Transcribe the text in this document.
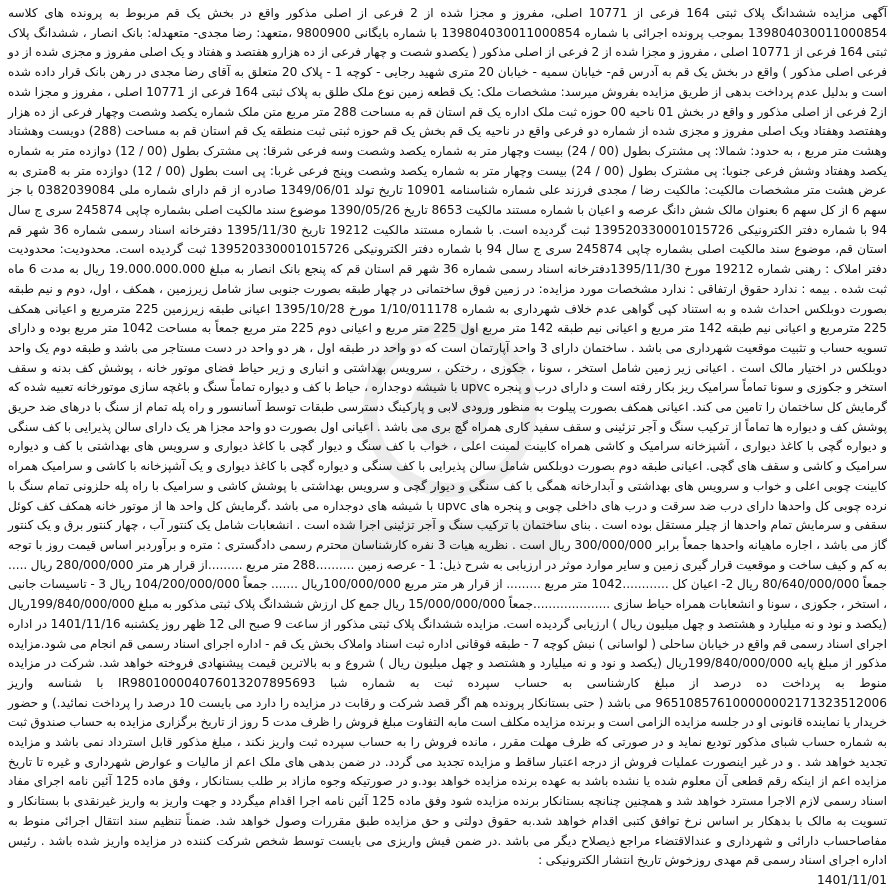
آگهی مزایده ششدانگ پلاک ثبتی 164 فرعی از 10771 اصلی، مفروز و مجزا شده از 2 فرعی از اصلی مذکور واقع در بخش یک قم مربوط به پرونده های کلاسه 139804030011000854 بموجب پرونده اجرائی با شماره 139804030011000854 با شماره بایگانی 9800900 ،متعهد: رضا مجدی- متعهدله: بانک انصار ، ششدانگ پلاک ثبتی 164 فرعی از 10771 اصلی ، مفروز و مجزا شده از 2 فرعی از اصلی مذکور ( یکصدو شصت و چهار فرعی از ده هزارو هفتصد و هفتاد و یک اصلی مفروز و مجزی شده از دو فرعی اصلی مذکور ) واقع در بخش یک قم به آدرس قم- خیابان سمیه - خیابان 20 متری شهید رجایی - کوچه 1 - پلاک 20 متعلق به آقای رضا مجدی در رهن بانک قرار داده شده است و بدلیل عدم پرداخت بدهی از طریق مزایده بفروش میرسد: مشخصات ملک: یک قطعه زمین نوع ملک طلق به پلاک ثبتی 164 فرعی از 10771 اصلی ، مفروز و مجزا شده از2 فرعی از اصلی مذکور و واقع در بخش 01 ناحیه 00 حوزه ثبت ملک اداره یک قم استان قم به مساحت 288 متر مربع متن ملک شماره یکصد وشصت وچهار فرعی از ده هزار وهفتصد وهفتاد ویک اصلی مفروز و مجزی شده از شماره دو فرعی واقع در ناحیه یک قم بخش یک قم حوزه ثبتی ثبت منطقه یک قم استان قم به مساحت (288) دویست وهشتاد وهشت متر مربع ، به حدود: شمالا: پی مشترک بطول (00 / 24) بیست وچهار متر به شماره یکصد وشصت وسه فرعی شرقا: پی مشترک بطول (00 / 12) دوازده متر به شماره یکصد وهفتاد وشش فرعی جنوبا: پی مشترک بطول (00 / 24) بیست وچهار متر به شماره یکصد وشصت وپنج فرعی غربا: پی است بطول (00 / 12) دوازده متر به 8متری به عرض هشت متر مشخصات مالکیت: مالکیت رضا / مجدی فرزند علی شماره شناسنامه 10901 تاریخ تولد 1349/06/01 صادره از قم دارای شماره ملی 0382039084 با جز سهم 6 از کل سهم 6 بعنوان مالک شش دانگ عرصه و اعیان با شماره مستند مالکیت 8653 تاریخ 1390/05/26 موضوع سند مالکیت اصلی بشماره چاپی 245874 سری ج سال 94 با شماره دفتر الکترونیکی 139520330001015726 ثبت گردیده است. با شماره مستند مالکیت 19212 تاریخ 1395/11/30 دفترخانه اسناد رسمی شماره 36 شهر قم استان قم، موضوع سند مالکیت اصلی بشماره چاپی 245874 سری ج سال 94 با شماره دفتر الکترونیکی 139520330001015726 ثبت گردیده است. محدودیت: محدودیت دفتر املاک : رهنی شماره 19212 مورخ 1395/11/30دفترخانه اسناد رسمی شماره 36 شهر قم استان قم که پنجع بانک انصار به مبلغ 19.000.000.000 ریال به مدت 6 ماه ثبت شده . بیمه : ندارد حقوق ارتفاقی : ندارد مشخصات مورد مزایده: در زمین فوق ساختمانی در چهار طبقه بصورت جنوبی ساز شامل زیرزمین ، همکف ، اول، دوم و نیم طبقه بصورت دوبلکس احداث شده و به استناد کپی گواهی عدم خلاف شهرداری به شماره 1/10/011178 مورخ 1395/10/28 اعیانی طبقه زیرزمین 225 مترمربع و اعیانی همکف 225 مترمربع و اعیانی نیم طبقه 142 متر مربع و اعیانی نیم طبقه 142 متر مربع اول 225 متر مربع و اعیانی دوم 225 متر مربع جمعاً به مساحت 1042 متر مربع بوده و دارای تسویه حساب و تثبیت موقعیت شهرداری می باشد . ساختمان دارای 3 واحد آپارتمان است که دو واحد در طبقه اول ، هر دو واحد در دست مستاجر می باشد و طبقه دوم یک واحد دوبلکس در اختیار مالک است . اعیانی زیر زمین شامل استخر ، سونا ، جکوزی ، رختکن ، سرویس بهداشتی و انباری و زیر حیاط فضای موتور خانه ، پوشش کف بدنه و سقف استخر و جکوزی و سونا تماماً سرامیک ریز بکار رفته است و دارای درب و پنجره upvc با شیشه دوجداره ، حیاط با کف و دیواره تماماً سنگ و باغچه سازی موتورخانه تعبیه شده که گرمایش کل ساختمان را تامین می کند. اعیانی همکف بصورت پیلوت به منظور ورودی لابی و پارکینگ دسترسی طبقات توسط آسانسور و راه پله تمام از سنگ با درهای ضد حریق پوشش کف و دیواره ها تماماً از ترکیب سنگ و آجر تزئینی و سقف سفید کاری همراه گچ بری می باشد . اعیانی اول بصورت دو واحد مجزا هر یک دارای سالن پذیرایی با کف سنگی و دیواره گچی با کاغذ دیواری ، آشپزخانه سرامیک و کاشی همراه کابینت لمینت اعلی ، خواب با کف سنگ و دیوار گچی با کاغذ دیواری و سرویس های بهداشتی با کف و دیواره سرامیک و کاشی و سقف های گچی. اعیانی طبقه دوم بصورت دوبلکس شامل سالن پذیرایی با کف سنگی و دیواره گچی با کاغذ دیواری و یک آشپزخانه با کاشی و سرامیک همراه کابینت چوبی اعلی و خواب و سرویس های بهداشتی و آبدارخانه همگی با کف سنگی و دیوار گچی و سرویس بهداشتی با پوشش کاشی و سرامیک با راه پله حلزونی تمام سنگ با نرده چوبی کل واحدها دارای درب ضد سرقت و درب های داخلی چوبی و پنجره های upvc با شیشه های دوجداره می باشد .گرمایش کل واحد ها از موتور خانه همکف کف کوئل سقفی و سرمایش تمام واحدها از چیلر مستقل بوده است . بنای ساختمان با ترکیب سنگ و آجر تزئینی اجرا شده است . انشعابات شامل یک کنتور آب ، چهار کنتور برق و یک کنتور گاز می باشد ، اجاره ماهیانه واحدها جمعاً برابر 300/000/000 ریال است . نظریه هیات 3 نفره کارشناسان محترم رسمی دادگستری : متره و برآوردبر اساس قیمت روز با توجه به کم و کیف ساخت و موقعیت قرار گیری زمین و سایر موارد موثر در ارزیابی به شرح ذیل: 1 - عرصه زمین ..........288 متر مربع .........از قرار هر متر 280/000/000 ریال ..... جمعاً 80/640/000/000 ریال 2- اعیان کل ............1042 متر مربع ......... از قرار هر متر مربع 100/000/000ریال ....... جمعاً 104/200/000/000 ریال 3 - تاسیسات جانبی ، استخر ، جکوزی ، سونا و انشعابات همراه حیاط سازی ....................جمعاً 15/000/000/000 ریال جمع کل ارزش ششدانگ پلاک ثبتی مذکور به مبلغ 199/840/000/000ریال (یکصد و نود و نه میلیارد و هشتصد و چهل میلیون ریال ) ارزیابی گردیده است. مزایده ششدانگ پلاک ثبتی مذکور از ساعت 9 صبح الی 12 ظهر روز یکشنبه 1401/11/16 در اداره اجرای اسناد رسمی قم واقع در خیابان ساحلی ( لواسانی ) نبش کوچه 7 - طبقه فوقانی اداره ثبت اسناد واملاک بخش یک قم - اداره اجرای اسناد رسمی قم انجام می شود.مزایده مذکور از مبلغ پایه 199/840/000/000ریال (یکصد و نود و نه میلیارد و هشتصد و چهل میلیون ریال ) شروع و به بالاترین قیمت پیشنهادی فروخته خواهد شد. شرکت در مزایده منوط به پرداخت ده درصد از مبلغ کارشناسی به حساب سپرده ثبت به شماره شبا IR980100004076013207895693 با شناسه واریز 965108576100000002171323512006 می باشد ( حتی بستانکار پرونده هم اگر قصد شرکت و رقابت در مزایده را دارد می بایست 10 درصد را پرداخت نمائید.) و حضور خریدار یا نماینده قانونی او در جلسه مزایده الزامی است و برنده مزایده مکلف است مابه التفاوت مبلغ فروش را ظرف مدت 5 روز از تاریخ برگزاری مزایده به حساب صندوق ثبت به شماره حساب شبای مذکور تودیع نماید و در صورتی که ظرف مهلت مقرر ، مانده فروش را به حساب سپرده ثبت واریز نکند ، مبلغ مذکور قابل استرداد نمی باشد و مزایده تجدید خواهد شد . و در غیر اینصورت عملیات فروش از درجه اعتبار ساقط و مزایده تجدید می گردد. در ضمن بدهی های ملک اعم از مالیات و عوارض شهرداری و غیره تا تاریخ مزایده اعم از اینکه رقم قطعی آن معلوم شده یا نشده باشد به عهده برنده مزایده خواهد بود.و در صورتیکه وجوه مازاد بر طلب بستانکار ، وفق ماده 125 آئین نامه اجرای مفاد اسناد رسمی لازم الاجرا مسترد خواهد شد و همچنین چنانچه بستانکار برنده مزایده شود وفق ماده 125 آئین نامه اجرا اقدام میگردد و جهت واریز به واریز غیرنقدی با بستانکار و تسویت به مالک با بدهکار بر اساس نرخ توافق کتبی اقدام خواهد شد.به حقوق دولتی و حق مزایده طبق مقررات وصول خواهد شد. ضمناً تنظیم سند انتقال اجرائی منوط به مفاصاحساب دارائی و شهرداری و عندالاقتضاء مراجع ذیصلاح دیگر می باشد .در ضمن فیش واریزی می بایست توسط شخص شرکت کننده در مزایده واریز شده باشد . رئیس اداره اجرای اسناد رسمی قم مهدی روزخوش تاریخ انتشار الکترونیکی :

1401/11/01
